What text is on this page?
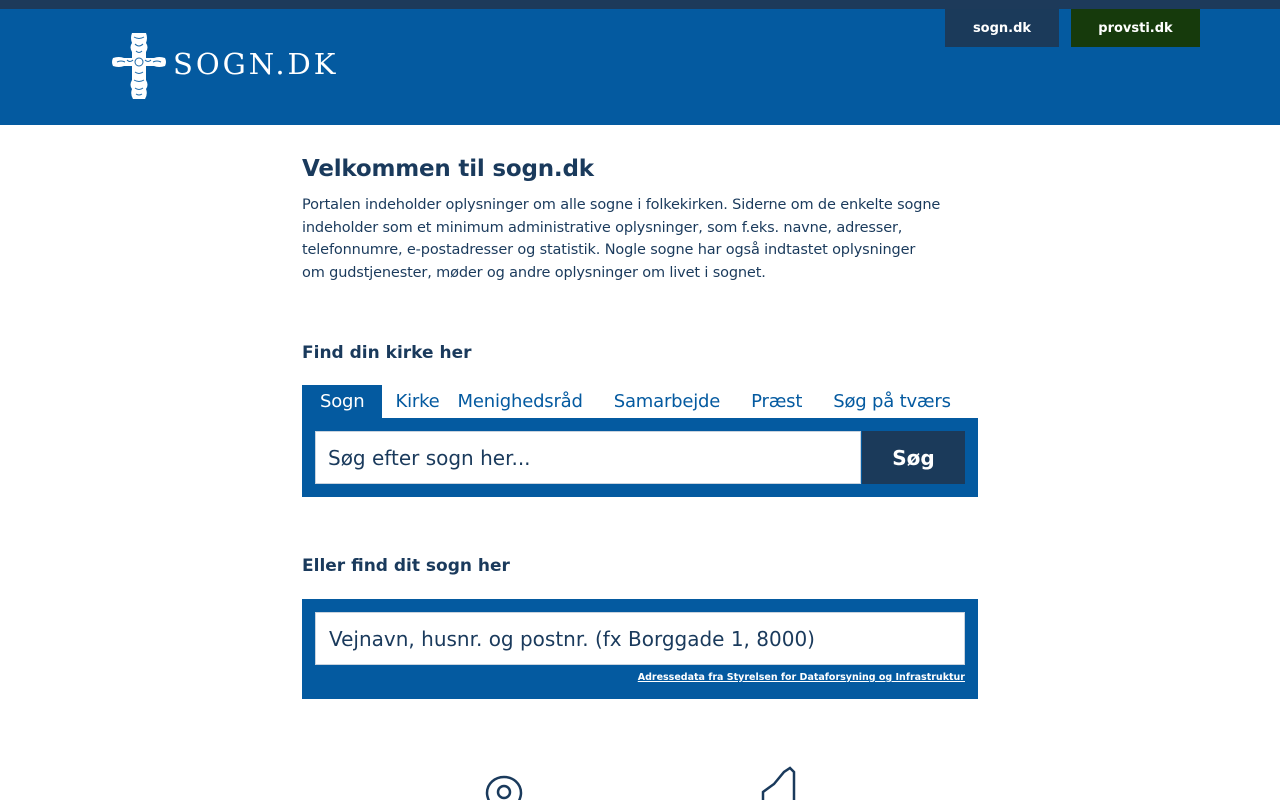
SOGN.DK
sogn.dk	provsti.dk
Velkommen til sogn.dk

Portalen indeholder oplysninger om alle sogne i folkekirken. Siderne om de enkelte sogne indeholder som et minimum administrative oplysninger, som f.eks. navne, adresser, telefonnumre, e-postadresser og statistik. Nogle sogne har også indtastet oplysninger om gudstjenester, møder og andre oplysninger om livet i sognet.

Find din kirke her
Sogn	Kirke Menighedsråd Samarbejde Præst Søg på tværs
Søg efter sogn her...
Søg
Eller find dit sogn her
Vejnavn, husnr. og postnr. (fx Borggade 1, 8000)
Adressedata fra Styrelsen for Dataforsyning og Infrastruktur
